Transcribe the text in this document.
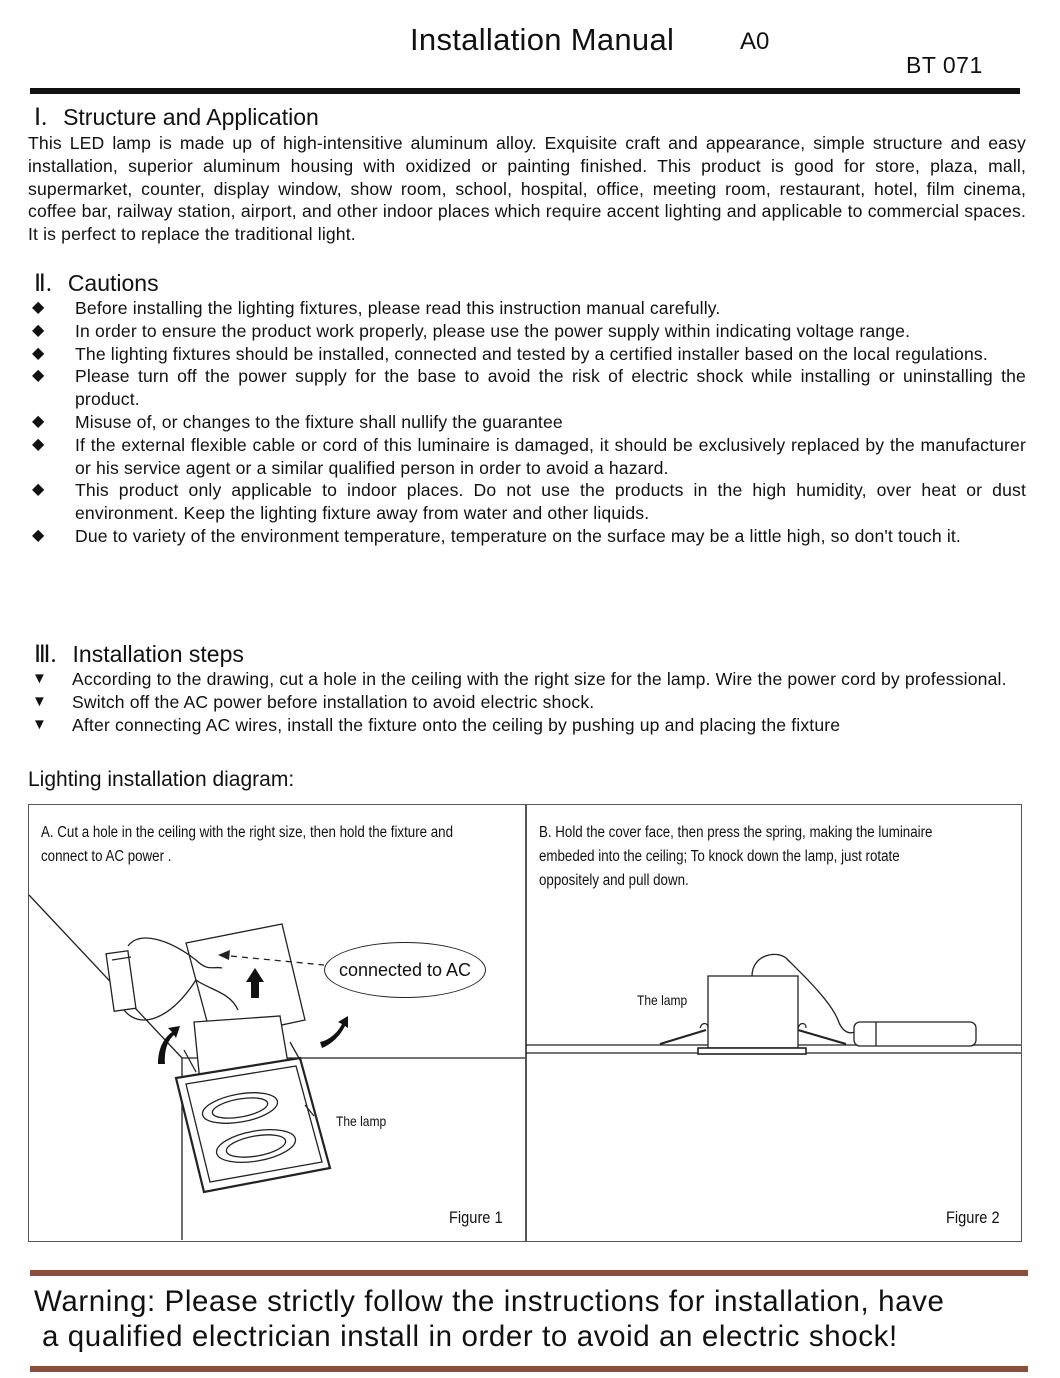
Installation Manual	A0
BT 071
Ⅰ. Structure and Application
This LED lamp is made up of high-intensitive aluminum alloy. Exquisite craft and appearance, simple structure and easy installation, superior aluminum housing with oxidized or painting finished. This product is good for store, plaza, mall, supermarket, counter, display window, show room, school, hospital, office, meeting room, restaurant, hotel, film cinema, coffee bar, railway station, airport, and other indoor places which require accent lighting and applicable to commercial spaces. It is perfect to replace the traditional light.
Ⅱ. Cautions
◆ Before installing the lighting fixtures, please read this instruction manual carefully.
◆ In order to ensure the product work properly, please use the power supply within indicating voltage range.
◆ The lighting fixtures should be installed, connected and tested by a certified installer based on the local regulations.
◆ Please turn off the power supply for the base to avoid the risk of electric shock while installing or uninstalling the product.
◆ Misuse of, or changes to the fixture shall nullify the guarantee
◆ If the external flexible cable or cord of this luminaire is damaged, it should be exclusively replaced by the manufacturer or his service agent or a similar qualified person in order to avoid a hazard.
◆ This product only applicable to indoor places. Do not use the products in the high humidity, over heat or dust environment. Keep the lighting fixture away from water and other liquids.
◆ Due to variety of the environment temperature, temperature on the surface may be a little high, so don't touch it.
Ⅲ. Installation steps
▼ According to the drawing, cut a hole in the ceiling with the right size for the lamp. Wire the power cord by professional.
▼ Switch off the AC power before installation to avoid electric shock.
▼ After connecting AC wires, install the fixture onto the ceiling by pushing up and placing the fixture
Lighting installation diagram:
A. Cut a hole in the ceiling with the right size, then hold the fixture and
connect to AC power .
B. Hold the cover face, then press the spring, making the luminaire
embeded into the ceiling; To knock down the lamp, just rotate
oppositely and pull down.
connected to AC
The lamp
The lamp
Figure 1	Figure 2
Warning: Please strictly follow the instructions for installation, have
a qualified electrician install in order to avoid an electric shock!
